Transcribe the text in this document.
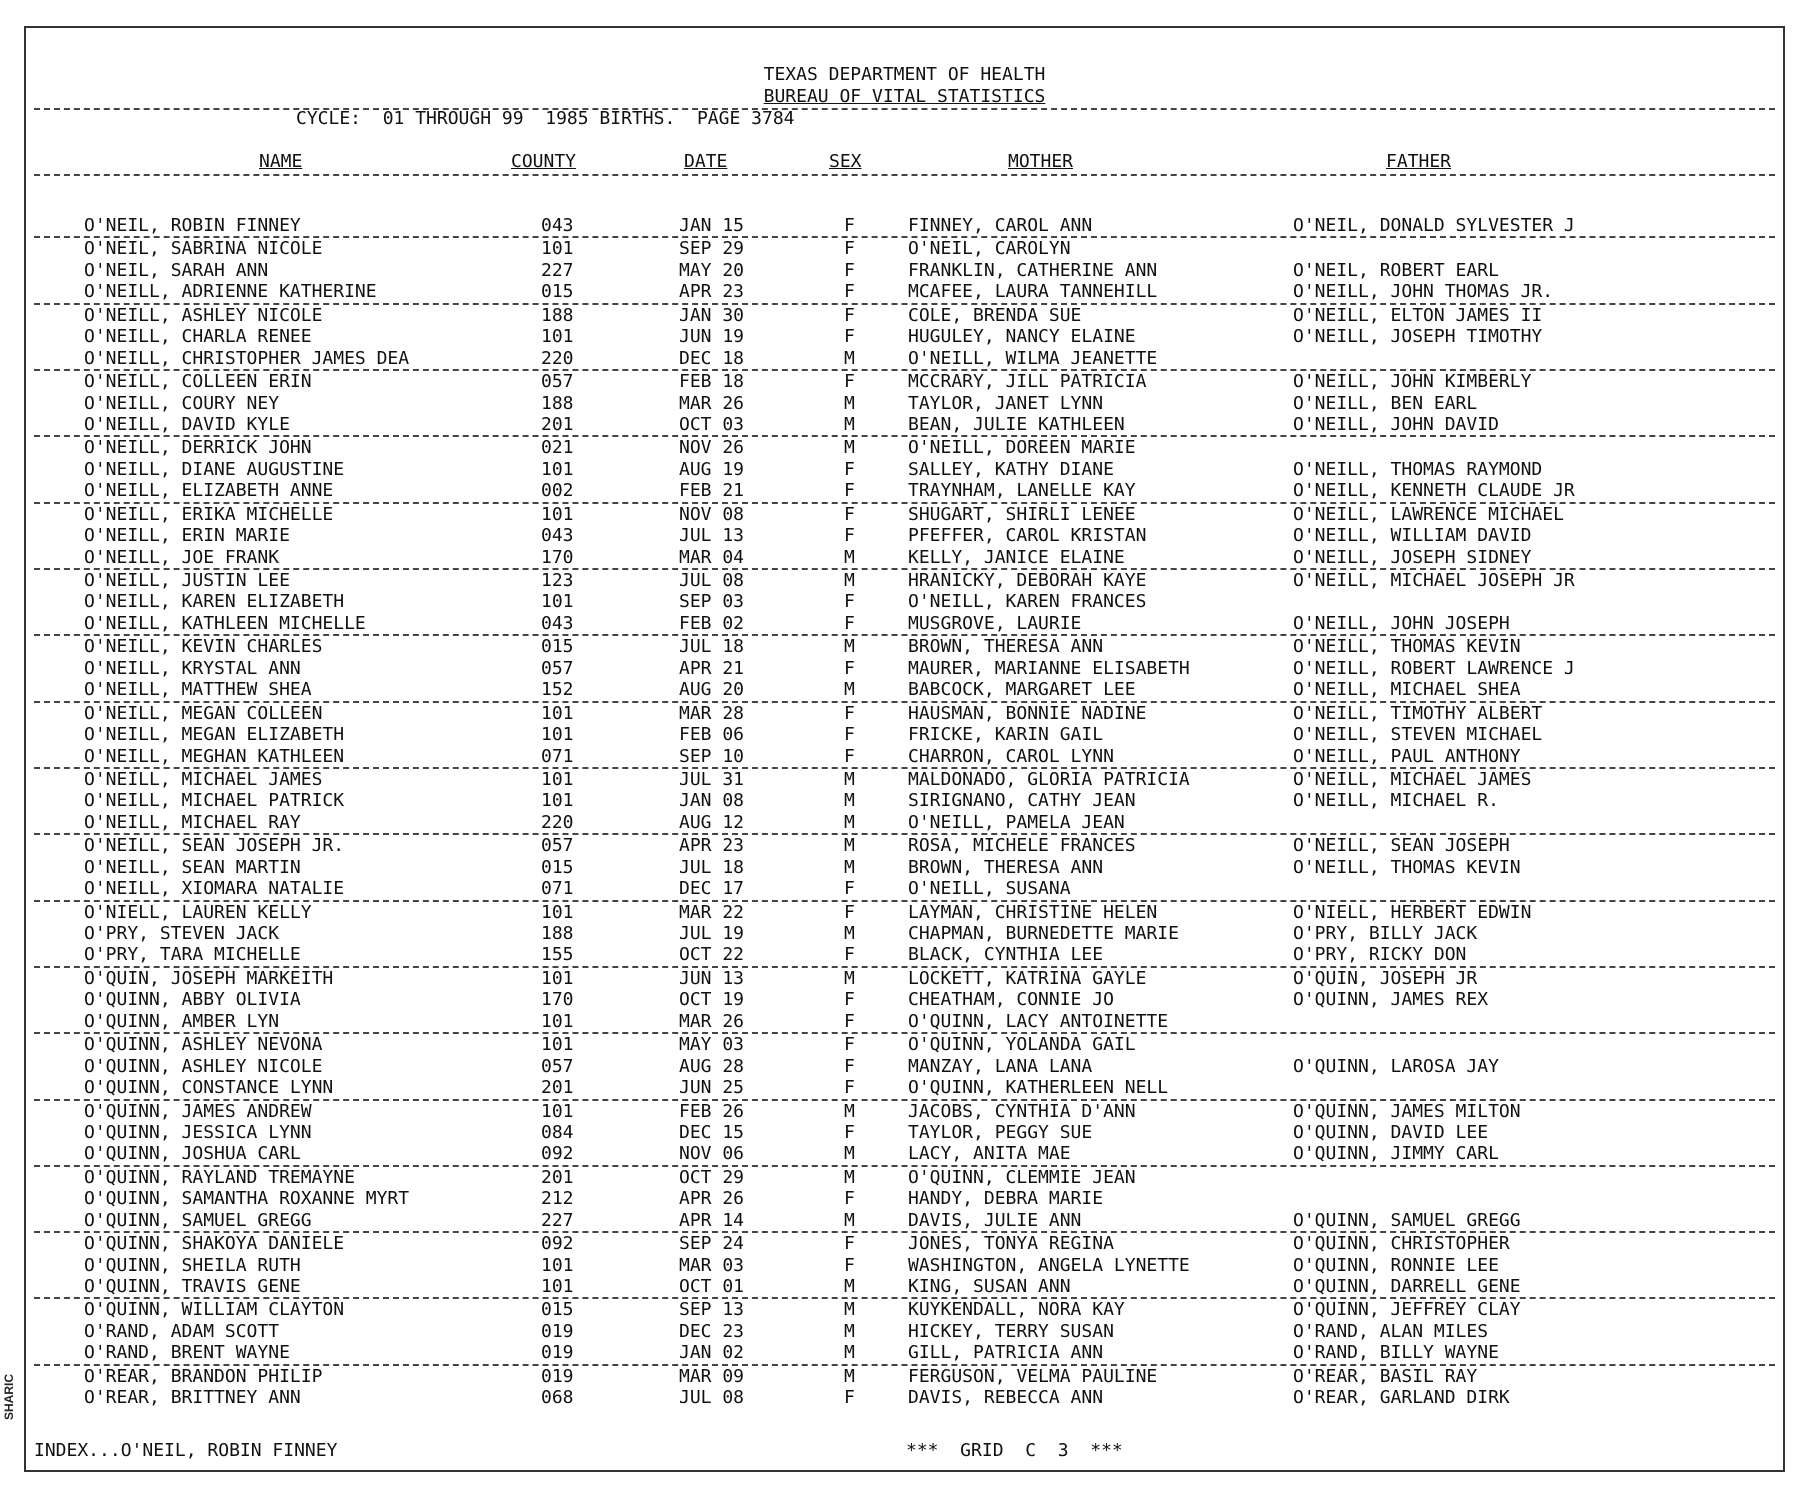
TEXAS DEPARTMENT OF HEALTH
BUREAU OF VITAL STATISTICS
CYCLE:  01 THROUGH 99  1985 BIRTHS.  PAGE 3784
NAME	COUNTY	DATE	SEX	MOTHER	FATHER
O'NEIL, ROBIN FINNEY	043	JAN 15	F	FINNEY, CAROL ANN	O'NEIL, DONALD SYLVESTER J
O'NEIL, SABRINA NICOLE	101	SEP 29	F	O'NEIL, CAROLYN
O'NEIL, SARAH ANN	227	MAY 20	F	FRANKLIN, CATHERINE ANN	O'NEIL, ROBERT EARL
O'NEILL, ADRIENNE KATHERINE	015	APR 23	F	MCAFEE, LAURA TANNEHILL	O'NEILL, JOHN THOMAS JR.
O'NEILL, ASHLEY NICOLE	188	JAN 30	F	COLE, BRENDA SUE	O'NEILL, ELTON JAMES II
O'NEILL, CHARLA RENEE	101	JUN 19	F	HUGULEY, NANCY ELAINE	O'NEILL, JOSEPH TIMOTHY
O'NEILL, CHRISTOPHER JAMES DEA	220	DEC 18	M	O'NEILL, WILMA JEANETTE
O'NEILL, COLLEEN ERIN	057	FEB 18	F	MCCRARY, JILL PATRICIA	O'NEILL, JOHN KIMBERLY
O'NEILL, COURY NEY	188	MAR 26	M	TAYLOR, JANET LYNN	O'NEILL, BEN EARL
O'NEILL, DAVID KYLE	201	OCT 03	M	BEAN, JULIE KATHLEEN	O'NEILL, JOHN DAVID
O'NEILL, DERRICK JOHN	021	NOV 26	M	O'NEILL, DOREEN MARIE
O'NEILL, DIANE AUGUSTINE	101	AUG 19	F	SALLEY, KATHY DIANE	O'NEILL, THOMAS RAYMOND
O'NEILL, ELIZABETH ANNE	002	FEB 21	F	TRAYNHAM, LANELLE KAY	O'NEILL, KENNETH CLAUDE JR
O'NEILL, ERIKA MICHELLE	101	NOV 08	F	SHUGART, SHIRLI LENEE	O'NEILL, LAWRENCE MICHAEL
O'NEILL, ERIN MARIE	043	JUL 13	F	PFEFFER, CAROL KRISTAN	O'NEILL, WILLIAM DAVID
O'NEILL, JOE FRANK	170	MAR 04	M	KELLY, JANICE ELAINE	O'NEILL, JOSEPH SIDNEY
O'NEILL, JUSTIN LEE	123	JUL 08	M	HRANICKY, DEBORAH KAYE	O'NEILL, MICHAEL JOSEPH JR
O'NEILL, KAREN ELIZABETH	101	SEP 03	F	O'NEILL, KAREN FRANCES
O'NEILL, KATHLEEN MICHELLE	043	FEB 02	F	MUSGROVE, LAURIE	O'NEILL, JOHN JOSEPH
O'NEILL, KEVIN CHARLES	015	JUL 18	M	BROWN, THERESA ANN	O'NEILL, THOMAS KEVIN
O'NEILL, KRYSTAL ANN	057	APR 21	F	MAURER, MARIANNE ELISABETH	O'NEILL, ROBERT LAWRENCE J
O'NEILL, MATTHEW SHEA	152	AUG 20	M	BABCOCK, MARGARET LEE	O'NEILL, MICHAEL SHEA
O'NEILL, MEGAN COLLEEN	101	MAR 28	F	HAUSMAN, BONNIE NADINE	O'NEILL, TIMOTHY ALBERT
O'NEILL, MEGAN ELIZABETH	101	FEB 06	F	FRICKE, KARIN GAIL	O'NEILL, STEVEN MICHAEL
O'NEILL, MEGHAN KATHLEEN	071	SEP 10	F	CHARRON, CAROL LYNN	O'NEILL, PAUL ANTHONY
O'NEILL, MICHAEL JAMES	101	JUL 31	M	MALDONADO, GLORIA PATRICIA	O'NEILL, MICHAEL JAMES
O'NEILL, MICHAEL PATRICK	101	JAN 08	M	SIRIGNANO, CATHY JEAN	O'NEILL, MICHAEL R.
O'NEILL, MICHAEL RAY	220	AUG 12	M	O'NEILL, PAMELA JEAN
O'NEILL, SEAN JOSEPH JR.	057	APR 23	M	ROSA, MICHELE FRANCES	O'NEILL, SEAN JOSEPH
O'NEILL, SEAN MARTIN	015	JUL 18	M	BROWN, THERESA ANN	O'NEILL, THOMAS KEVIN
O'NEILL, XIOMARA NATALIE	071	DEC 17	F	O'NEILL, SUSANA
O'NIELL, LAUREN KELLY	101	MAR 22	F	LAYMAN, CHRISTINE HELEN	O'NIELL, HERBERT EDWIN
O'PRY, STEVEN JACK	188	JUL 19	M	CHAPMAN, BURNEDETTE MARIE	O'PRY, BILLY JACK
O'PRY, TARA MICHELLE	155	OCT 22	F	BLACK, CYNTHIA LEE	O'PRY, RICKY DON
O'QUIN, JOSEPH MARKEITH	101	JUN 13	M	LOCKETT, KATRINA GAYLE	O'QUIN, JOSEPH JR
O'QUINN, ABBY OLIVIA	170	OCT 19	F	CHEATHAM, CONNIE JO	O'QUINN, JAMES REX
O'QUINN, AMBER LYN	101	MAR 26	F	O'QUINN, LACY ANTOINETTE
O'QUINN, ASHLEY NEVONA	101	MAY 03	F	O'QUINN, YOLANDA GAIL
O'QUINN, ASHLEY NICOLE	057	AUG 28	F	MANZAY, LANA LANA	O'QUINN, LAROSA JAY
O'QUINN, CONSTANCE LYNN	201	JUN 25	F	O'QUINN, KATHERLEEN NELL
O'QUINN, JAMES ANDREW	101	FEB 26	M	JACOBS, CYNTHIA D'ANN	O'QUINN, JAMES MILTON
O'QUINN, JESSICA LYNN	084	DEC 15	F	TAYLOR, PEGGY SUE	O'QUINN, DAVID LEE
O'QUINN, JOSHUA CARL	092	NOV 06	M	LACY, ANITA MAE	O'QUINN, JIMMY CARL
O'QUINN, RAYLAND TREMAYNE	201	OCT 29	M	O'QUINN, CLEMMIE JEAN
O'QUINN, SAMANTHA ROXANNE MYRT	212	APR 26	F	HANDY, DEBRA MARIE
O'QUINN, SAMUEL GREGG	227	APR 14	M	DAVIS, JULIE ANN	O'QUINN, SAMUEL GREGG
O'QUINN, SHAKOYA DANIELE	092	SEP 24	F	JONES, TONYA REGINA	O'QUINN, CHRISTOPHER
O'QUINN, SHEILA RUTH	101	MAR 03	F	WASHINGTON, ANGELA LYNETTE	O'QUINN, RONNIE LEE
O'QUINN, TRAVIS GENE	101	OCT 01	M	KING, SUSAN ANN	O'QUINN, DARRELL GENE
O'QUINN, WILLIAM CLAYTON	015	SEP 13	M	KUYKENDALL, NORA KAY	O'QUINN, JEFFREY CLAY
O'RAND, ADAM SCOTT	019	DEC 23	M	HICKEY, TERRY SUSAN	O'RAND, ALAN MILES
O'RAND, BRENT WAYNE	019	JAN 02	M	GILL, PATRICIA ANN	O'RAND, BILLY WAYNE
O'REAR, BRANDON PHILIP	019	MAR 09	M	FERGUSON, VELMA PAULINE	O'REAR, BASIL RAY
O'REAR, BRITTNEY ANN	068	JUL 08	F	DAVIS, REBECCA ANN	O'REAR, GARLAND DIRK
INDEX...O'NEIL, ROBIN FINNEY	***  GRID  C  3  ***
SHARIC
